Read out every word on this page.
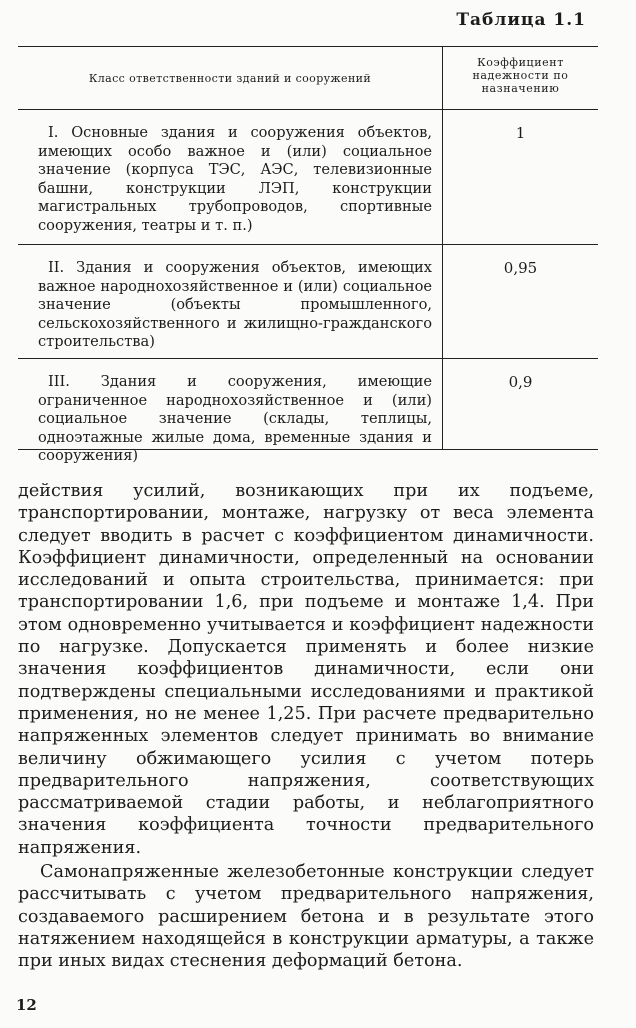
Таблица 1.1
Класс ответственности зданий и сооружений
Коэффициент надежности по назначению
I. Основные здания и сооружения объектов, имеющих особо важное и (или) социальное значение (корпуса ТЭС, АЭС, телевизионные башни, конструкции ЛЭП, конструкции магистральных трубопроводов, спортивные сооружения, театры и т. п.)
1
II. Здания и сооружения объектов, имеющих важное народнохозяйственное и (или) социальное значение (объекты промышленного, сельскохозяйственного и жилищно-гражданского строительства)
0,95
III. Здания и сооружения, имеющие ограниченное народнохозяйственное и (или) социальное значение (склады, теплицы, одноэтажные жилые дома, временные здания и сооружения)
0,9

действия усилий, возникающих при их подъеме, транспортировании, монтаже, нагрузку от веса элемента следует вводить в расчет с коэффициентом динамичности. Коэффициент динамичности, определенный на основании исследований и опыта строительства, принимается: при транспортировании 1,6, при подъеме и монтаже 1,4. При этом одновременно учитывается и коэффициент надежности по нагрузке. Допускается применять и более низкие значения коэффициентов динамичности, если они подтверждены специальными исследованиями и практикой применения, но не менее 1,25. При расчете предварительно напряженных элементов следует принимать во внимание величину обжимающего усилия с учетом потерь предварительного напряжения, соответствующих рассматриваемой стадии работы, и неблагоприятного значения коэффициента точности предварительного напряжения.

Самонапряженные железобетонные конструкции следует рассчитывать с учетом предварительного напряжения, создаваемого расширением бетона и в результате этого натяжением находящейся в конструкции арматуры, а также при иных видах стеснения деформаций бетона.

12
